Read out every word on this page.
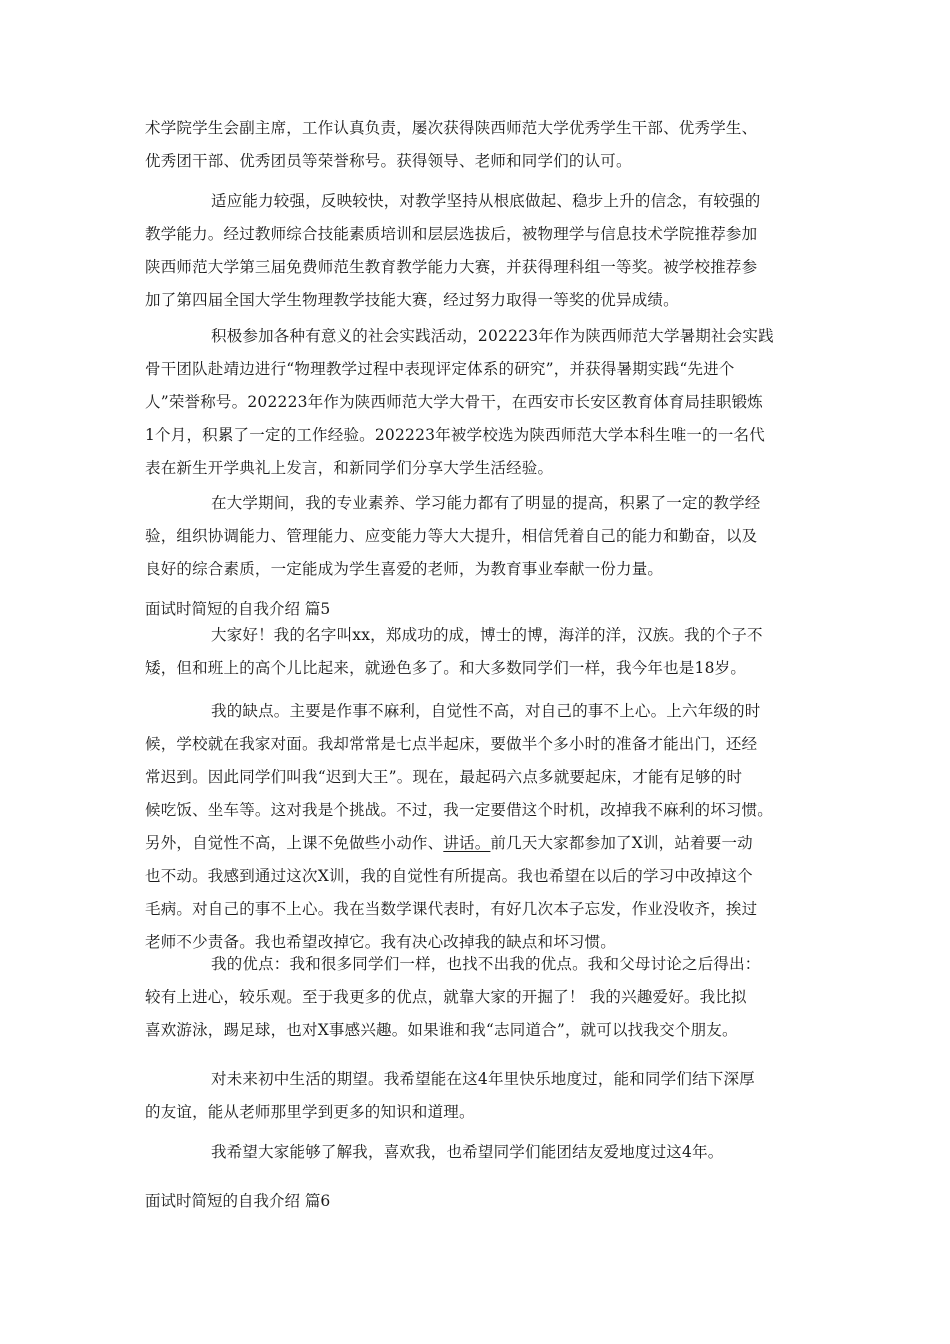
术学院学生会副主席，工作认真负责，屡次获得陕西师范大学优秀学生干部、优秀学生、
优秀团干部、优秀团员等荣誉称号。获得领导、老师和同学们的认可。
适应能力较强，反映较快，对教学坚持从根底做起、稳步上升的信念，有较强的
教学能力。经过教师综合技能素质培训和层层选拔后，被物理学与信息技术学院推荐参加
陕西师范大学第三届免费师范生教育教学能力大赛，并获得理科组一等奖。被学校推荐参
加了第四届全国大学生物理教学技能大赛，经过努力取得一等奖的优异成绩。
积极参加各种有意义的社会实践活动，202223年作为陕西师范大学暑期社会实践
骨干团队赴靖边进行“物理教学过程中表现评定体系的研究”，并获得暑期实践“先进个
人”荣誉称号。202223年作为陕西师范大学大骨干，在西安市长安区教育体育局挂职锻炼
1个月，积累了一定的工作经验。202223年被学校选为陕西师范大学本科生唯一的一名代
表在新生开学典礼上发言，和新同学们分享大学生活经验。
在大学期间，我的专业素养、学习能力都有了明显的提高，积累了一定的教学经
验，组织协调能力、管理能力、应变能力等大大提升，相信凭着自己的能力和勤奋，以及
良好的综合素质，一定能成为学生喜爱的老师，为教育事业奉献一份力量。
面试时简短的自我介绍 篇5
大家好！我的名字叫xx，郑成功的成，博士的博，海洋的洋，汉族。我的个子不
矮，但和班上的高个儿比起来，就逊色多了。和大多数同学们一样，我今年也是18岁。
我的缺点。主要是作事不麻利，自觉性不高，对自己的事不上心。上六年级的时
候，学校就在我家对面。我却常常是七点半起床，要做半个多小时的准备才能出门，还经
常迟到。因此同学们叫我“迟到大王”。现在，最起码六点多就要起床，才能有足够的时
候吃饭、坐车等。这对我是个挑战。不过，我一定要借这个时机，改掉我不麻利的坏习惯。
另外，自觉性不高，上课不免做些小动作、讲话。前几天大家都参加了X训，站着要一动
也不动。我感到通过这次X训，我的自觉性有所提高。我也希望在以后的学习中改掉这个
毛病。对自己的事不上心。我在当数学课代表时，有好几次本子忘发，作业没收齐，挨过
老师不少责备。我也希望改掉它。我有决心改掉我的缺点和坏习惯。
我的优点：我和很多同学们一样，也找不出我的优点。我和父母讨论之后得出：
较有上进心，较乐观。至于我更多的优点，就靠大家的开掘了！ 我的兴趣爱好。我比拟
喜欢游泳，踢足球，也对X事感兴趣。如果谁和我“志同道合”，就可以找我交个朋友。
对未来初中生活的期望。我希望能在这4年里快乐地度过，能和同学们结下深厚
的友谊，能从老师那里学到更多的知识和道理。
我希望大家能够了解我，喜欢我，也希望同学们能团结友爱地度过这4年。
面试时简短的自我介绍 篇6
